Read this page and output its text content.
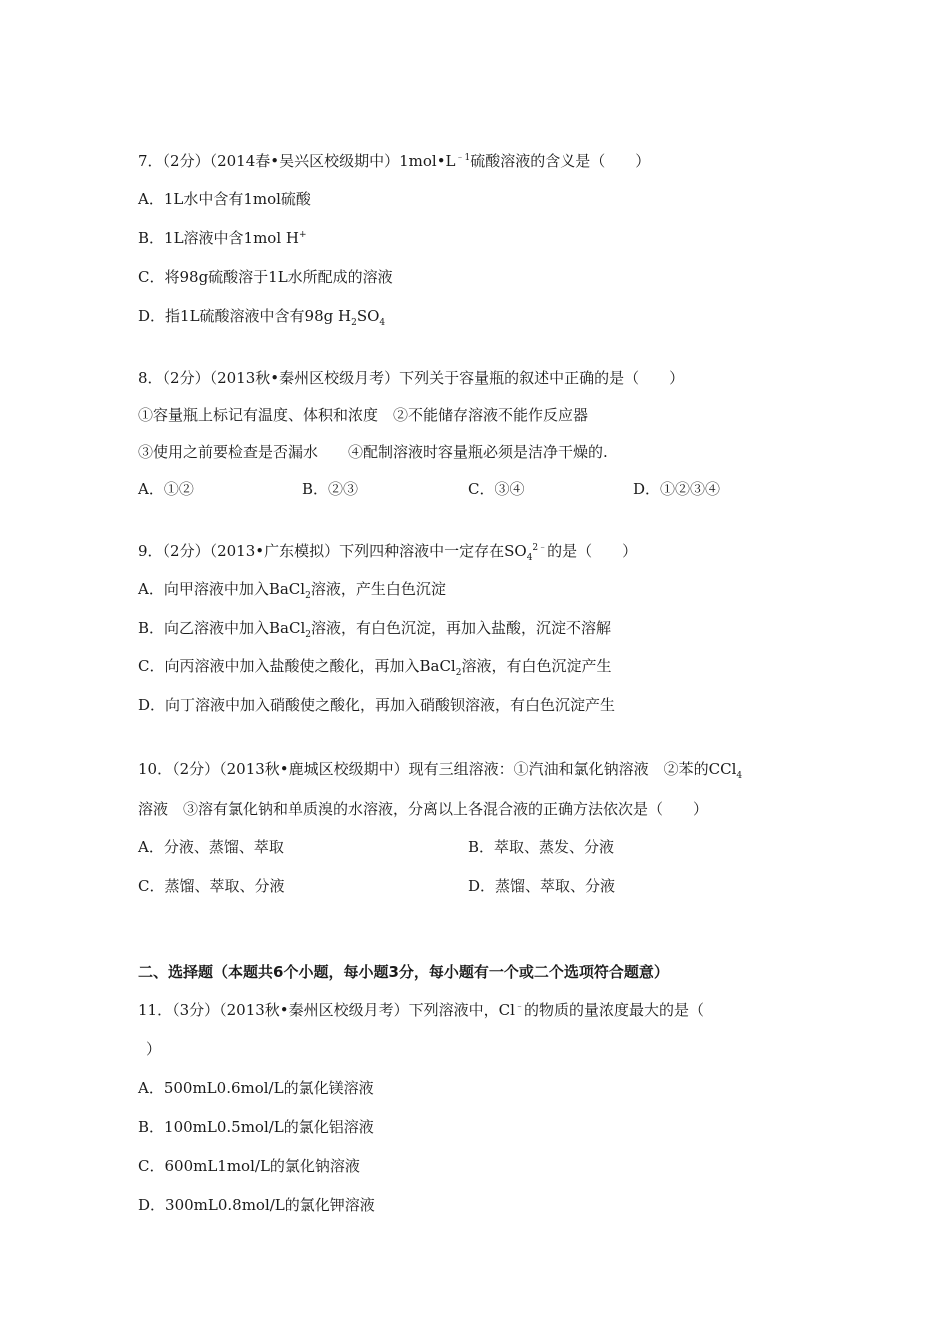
7．（2分）（2014春•吴兴区校级期中）$1mol•L^{﹣1}$硫酸溶液的含义是（　　）
A．1L水中含有1mol硫酸
B．1L溶液中含1mol H+
C．将98g硫酸溶于1L水所配成的溶液
D．指1L硫酸溶液中含有98g $H_2SO_4$
8．（2分）（2013秋•秦州区校级月考）下列关于容量瓶的叙述中正确的是（　　）
①容量瓶上标记有温度、体积和浓度　②不能储存溶液不能作反应器
③使用之前要检查是否漏水　　④配制溶液时容量瓶必须是洁净干燥的.
A．①②	B．②③	C．③④	D．①②③④
9．（2分）（2013•广东模拟）下列四种溶液中一定存在$SO_4^{2﹣}$的是（　　）
A．向甲溶液中加入BaCl$_2$溶液，产生白色沉淀
B．向乙溶液中加入BaCl$_2$溶液，有白色沉淀，再加入盐酸，沉淀不溶解
C．向丙溶液中加入盐酸使之酸化，再加入BaCl$_2$溶液，有白色沉淀产生
D．向丁溶液中加入硝酸使之酸化，再加入硝酸钡溶液，有白色沉淀产生
10．（2分）（2013秋•鹿城区校级期中）现有三组溶液：①汽油和氯化钠溶液　②苯的CCl$_4$
溶液　③溶有氯化钠和单质溴的水溶液，分离以上各混合液的正确方法依次是（　　）
A．分液、蒸馏、萃取	B．萃取、蒸发、分液
C．蒸馏、萃取、分液	D．蒸馏、萃取、分液
二、选择题（本题共6个小题，每小题3分，每小题有一个或二个选项符合题意）
11．（3分）（2013秋•秦州区校级月考）下列溶液中，Cl﹣的物质的量浓度最大的是（
）
A．500mL0.6mol/L的氯化镁溶液
B．100mL0.5mol/L的氯化铝溶液
C．600mL1mol/L的氯化钠溶液
D．300mL0.8mol/L的氯化钾溶液
